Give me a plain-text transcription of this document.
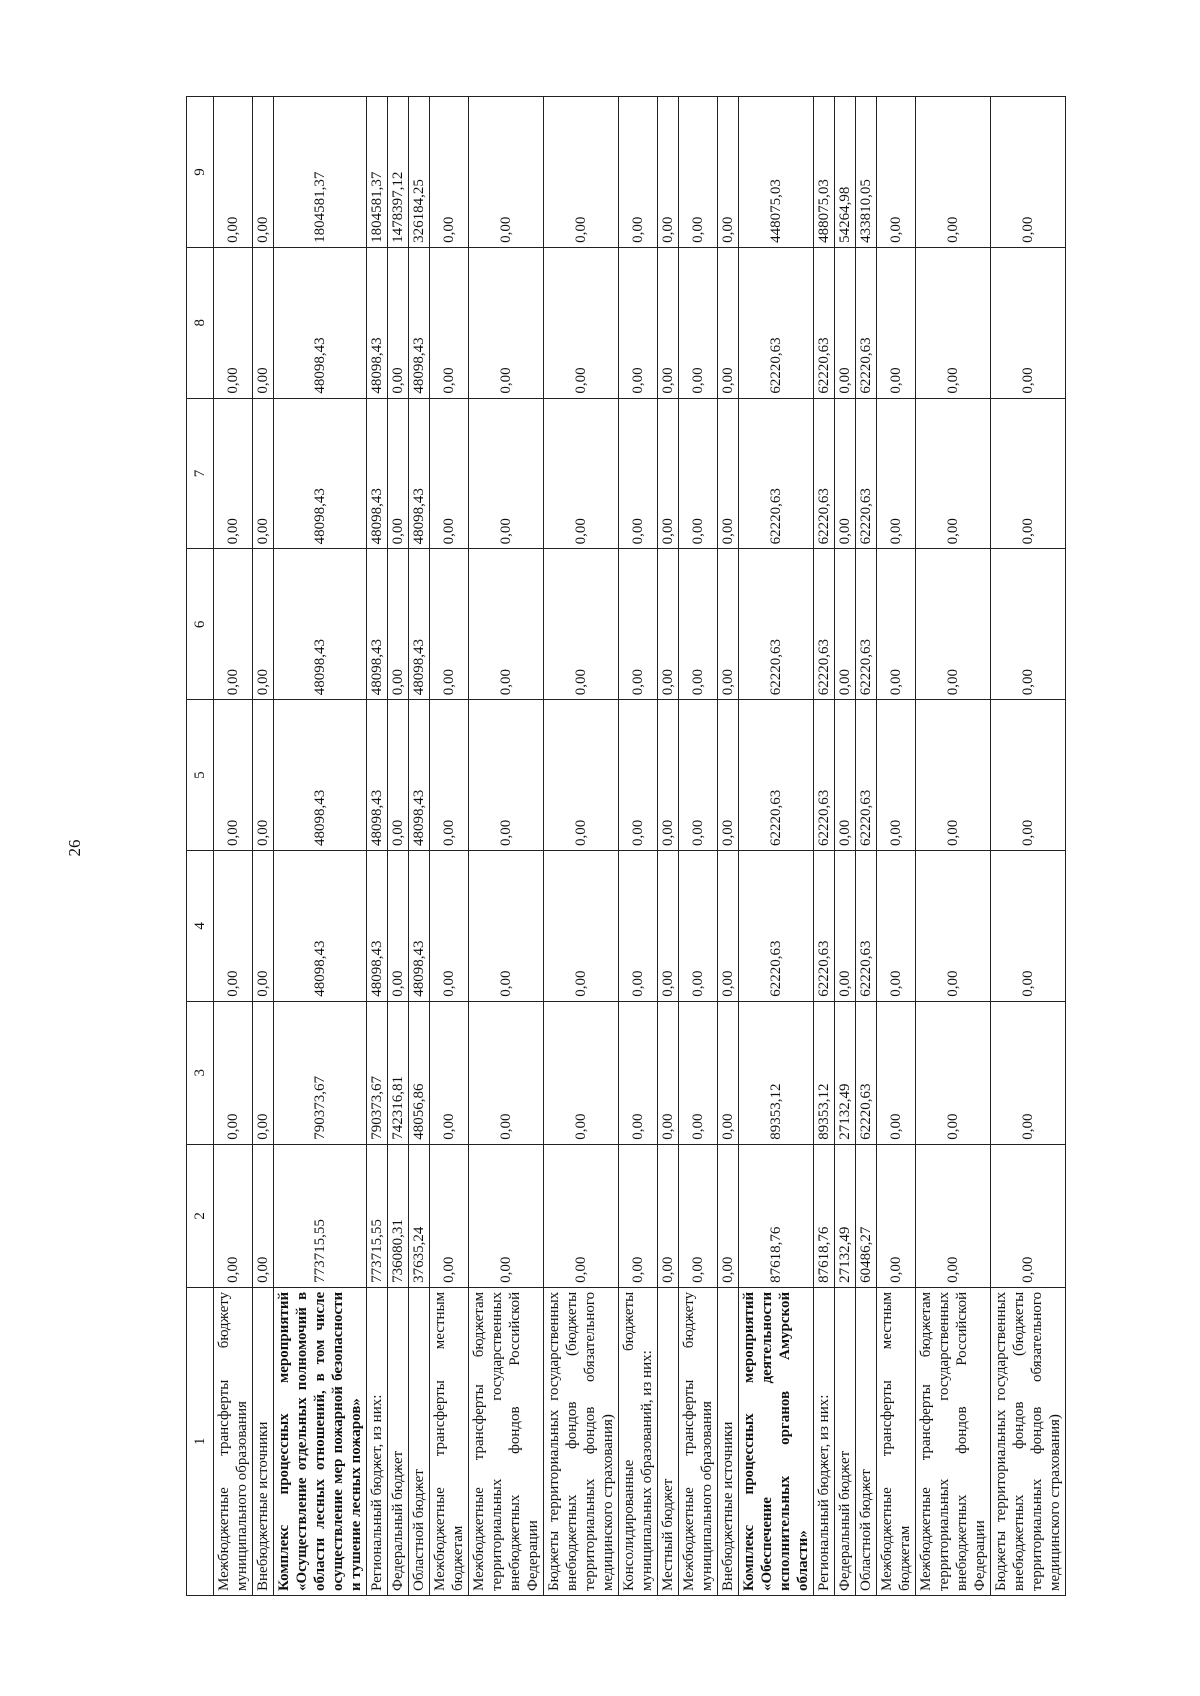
26
1	2	3	4	5	6	7	8	9
Межбюджетные трансферты бюджету муниципального образования	0,00	0,00	0,00	0,00	0,00	0,00	0,00	0,00
Внебюджетные источники	0,00	0,00	0,00	0,00	0,00	0,00	0,00	0,00
Комплекс процессных мероприятий «Осуществление отдельных полномочий в области лесных отношений, в том числе осуществление мер пожарной безопасности и тушение лесных пожаров»	773715,55	790373,67	48098,43	48098,43	48098,43	48098,43	48098,43	1804581,37
Региональный бюджет, из них:	773715,55	790373,67	48098,43	48098,43	48098,43	48098,43	48098,43	1804581,37
Федеральный бюджет	736080,31	742316,81	0,00	0,00	0,00	0,00	0,00	1478397,12
Областной бюджет	37635,24	48056,86	48098,43	48098,43	48098,43	48098,43	48098,43	326184,25
Межбюджетные трансферты местным бюджетам	0,00	0,00	0,00	0,00	0,00	0,00	0,00	0,00
Межбюджетные трансферты бюджетам территориальных государственных внебюджетных фондов Российской Федерации	0,00	0,00	0,00	0,00	0,00	0,00	0,00	0,00
Бюджеты территориальных государственных внебюджетных фондов (бюджеты территориальных фондов обязательного медицинского страхования)	0,00	0,00	0,00	0,00	0,00	0,00	0,00	0,00
Консолидированные бюджеты муниципальных образований, из них:	0,00	0,00	0,00	0,00	0,00	0,00	0,00	0,00
Местный бюджет	0,00	0,00	0,00	0,00	0,00	0,00	0,00	0,00
Межбюджетные трансферты бюджету муниципального образования	0,00	0,00	0,00	0,00	0,00	0,00	0,00	0,00
Внебюджетные источники	0,00	0,00	0,00	0,00	0,00	0,00	0,00	0,00
Комплекс процессных мероприятий «Обеспечение деятельности исполнительных органов Амурской области»	87618,76	89353,12	62220,63	62220,63	62220,63	62220,63	62220,63	448075,03
Региональный бюджет, из них:	87618,76	89353,12	62220,63	62220,63	62220,63	62220,63	62220,63	488075,03
Федеральный бюджет	27132,49	27132,49	0,00	0,00	0,00	0,00	0,00	54264,98
Областной бюджет	60486,27	62220,63	62220,63	62220,63	62220,63	62220,63	62220,63	433810,05
Межбюджетные трансферты местным бюджетам	0,00	0,00	0,00	0,00	0,00	0,00	0,00	0,00
Межбюджетные трансферты бюджетам территориальных государственных внебюджетных фондов Российской Федерации	0,00	0,00	0,00	0,00	0,00	0,00	0,00	0,00
Бюджеты территориальных государственных внебюджетных фондов (бюджеты территориальных фондов обязательного медицинского страхования)	0,00	0,00	0,00	0,00	0,00	0,00	0,00	0,00
